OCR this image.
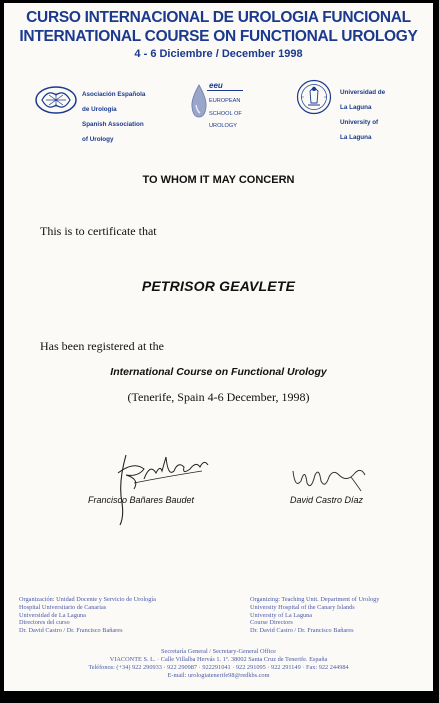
CURSO INTERNACIONAL DE UROLOGIA FUNCIONAL
INTERNATIONAL COURSE ON FUNCTIONAL UROLOGY
4 - 6 Diciembre / December 1998

Asociación Española

de Urología

Spanish Association

of Urology

eeu

EUROPEAN

SCHOOL OF

UROLOGY

Universidad de

La Laguna

University of

La Laguna

TO WHOM IT MAY CONCERN
This is to certificate that
PETRISOR GEAVLETE
Has been registered at the
International Course on Functional Urology
(Tenerife, Spain 4-6 December, 1998)
Francisco Bañares Baudet	David Castro Díaz
Organización: Unidad Docente y Servicio de Urología
Hospital Universitario de Canarias
Universidad de La Laguna
Directores del curso
Dr. David Castro / Dr. Francisco Bañares
Organizing: Teaching Unit. Department of Urology
University Hospital of the Canary Islands
University of La Laguna
Course Directors
Dr. David Castro / Dr. Francisco Bañares
Secretaría General / Secretary-General Office
VIACONTE S. L. · Calle Villalba Hervás 1. 1º. 38002 Santa Cruz de Tenerife. España
Teléfonos: (+34) 922 290933 · 922 290987 · 922291041 · 922 291095 · 922 291149 · Fax: 922 244984
E-mail: urologiatenerife98@redkbs.com
